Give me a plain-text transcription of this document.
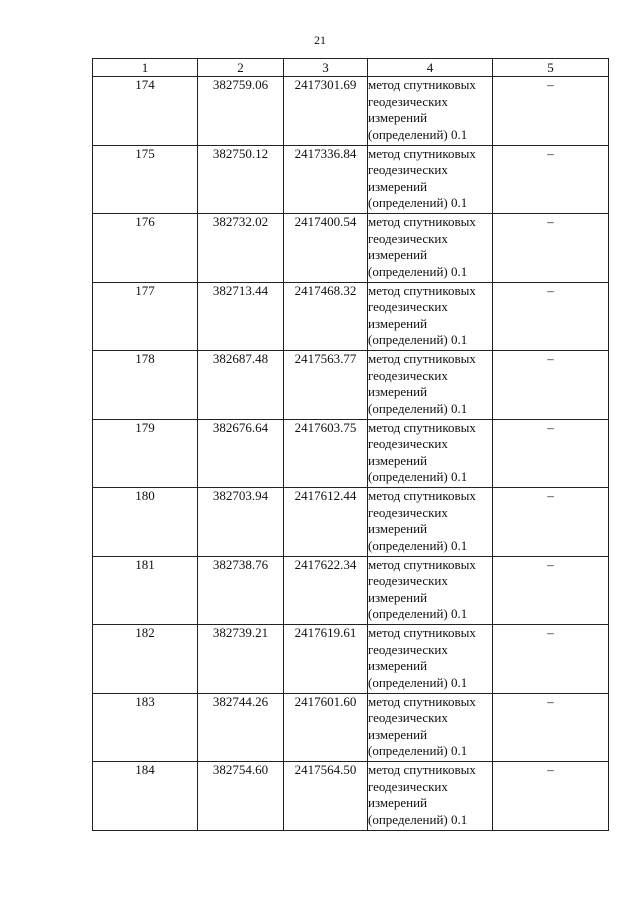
21
1	2	3	4	5
174	382759.06	2417301.69	метод спутниковых геодезических измерений (определений) 0.1	–
175	382750.12	2417336.84	метод спутниковых геодезических измерений (определений) 0.1	–
176	382732.02	2417400.54	метод спутниковых геодезических измерений (определений) 0.1	–
177	382713.44	2417468.32	метод спутниковых геодезических измерений (определений) 0.1	–
178	382687.48	2417563.77	метод спутниковых геодезических измерений (определений) 0.1	–
179	382676.64	2417603.75	метод спутниковых геодезических измерений (определений) 0.1	–
180	382703.94	2417612.44	метод спутниковых геодезических измерений (определений) 0.1	–
181	382738.76	2417622.34	метод спутниковых геодезических измерений (определений) 0.1	–
182	382739.21	2417619.61	метод спутниковых геодезических измерений (определений) 0.1	–
183	382744.26	2417601.60	метод спутниковых геодезических измерений (определений) 0.1	–
184	382754.60	2417564.50	метод спутниковых геодезических измерений (определений) 0.1	–
